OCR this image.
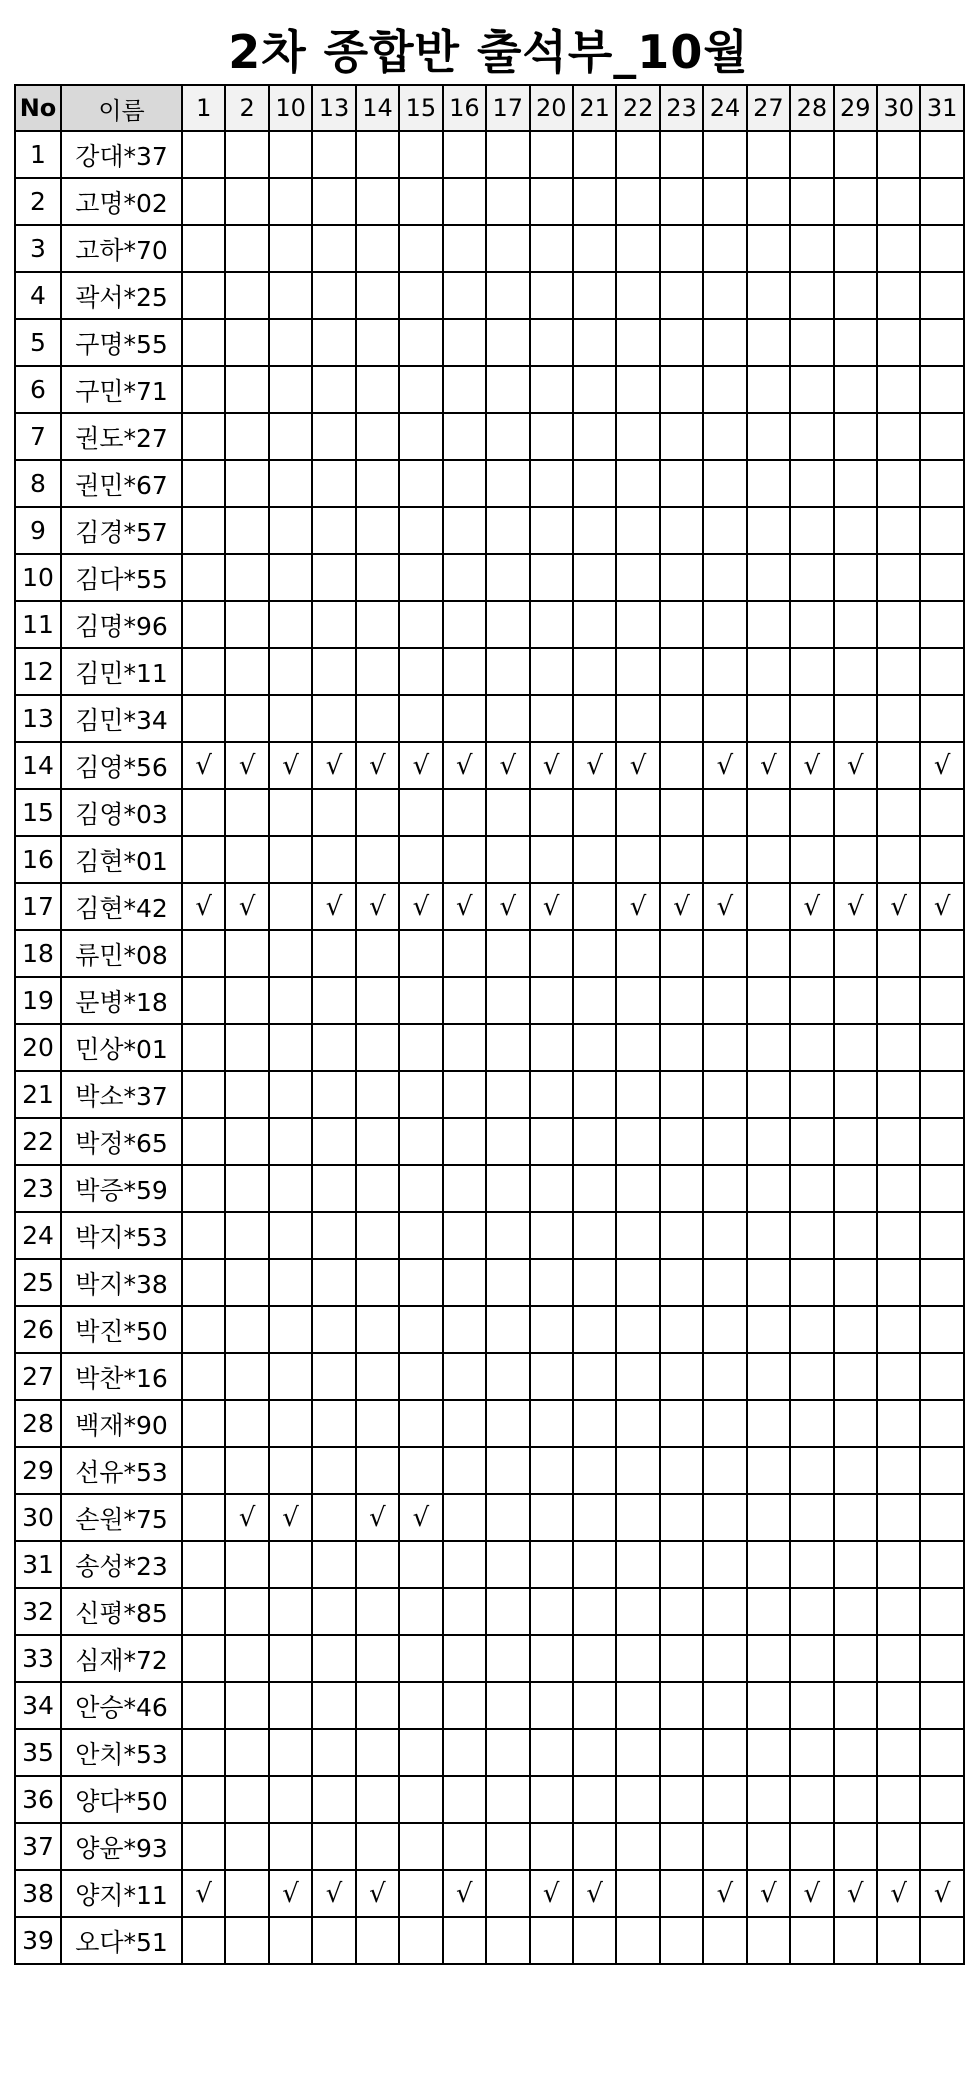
2차 종합반 출석부_10월
No	이름	1	2	10	13	14	15	16	17	20	21	22	23	24	27	28	29	30	31
1	강대*37																		
2	고명*02																		
3	고하*70																		
4	곽서*25																		
5	구명*55																		
6	구민*71																		
7	권도*27																		
8	권민*67																		
9	김경*57																		
10	김다*55																		
11	김명*96																		
12	김민*11																		
13	김민*34																		
14	김영*56	√	√	√	√	√	√	√	√	√	√	√		√	√	√	√		√
15	김영*03																		
16	김현*01																		
17	김현*42	√	√		√	√	√	√	√	√		√	√	√		√	√	√	√
18	류민*08																		
19	문병*18																		
20	민상*01																		
21	박소*37																		
22	박정*65																		
23	박증*59																		
24	박지*53																		
25	박지*38																		
26	박진*50																		
27	박찬*16																		
28	백재*90																		
29	선유*53																		
30	손원*75		√	√		√	√												
31	송성*23																		
32	신평*85																		
33	심재*72																		
34	안승*46																		
35	안치*53																		
36	양다*50																		
37	양윤*93																		
38	양지*11	√		√	√	√		√		√	√			√	√	√	√	√	√
39	오다*51																		
